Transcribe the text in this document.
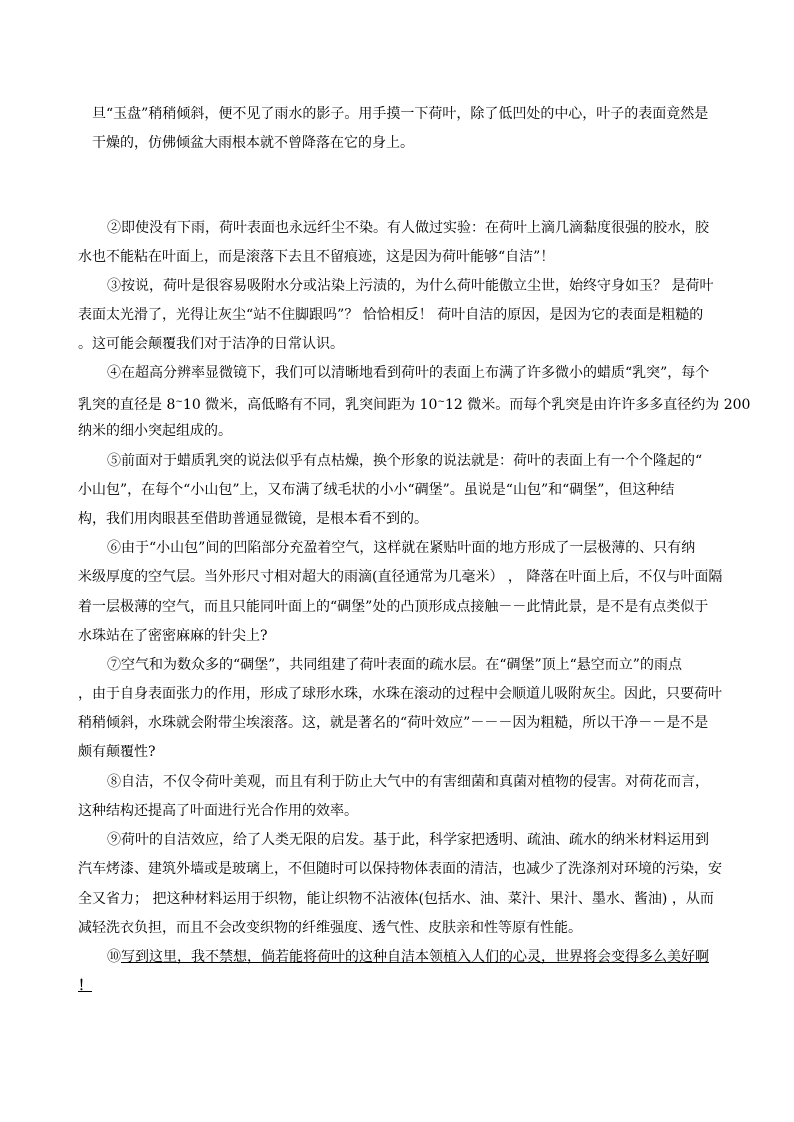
旦“玉盘”稍稍倾斜，便不见了雨水的影子。用手摸一下荷叶，除了低凹处的中心，叶子的表面竟然是
干燥的，仿佛倾盆大雨根本就不曾降落在它的身上。
②即使没有下雨，荷叶表面也永远纤尘不染。有人做过实验：在荷叶上滴几滴黏度很强的胶水，胶
水也不能粘在叶面上，而是滚落下去且不留痕迹，这是因为荷叶能够“自洁”！
③按说，荷叶是很容易吸附水分或沾染上污渍的，为什么荷叶能傲立尘世，始终守身如玉？ 是荷叶
表面太光滑了，光得让灰尘“站不住脚跟吗”？ 恰恰相反！ 荷叶自洁的原因，是因为它的表面是粗糙的
。这可能会颠覆我们对于洁净的日常认识。
④在超高分辨率显微镜下，我们可以清晰地看到荷叶的表面上布满了许多微小的蜡质“乳突”，每个
乳突的直径是 8~10 微米，高低略有不同，乳突间距为 10~12 微米。而每个乳突是由许许多多直径约为 200
纳米的细小突起组成的。
⑤前面对于蜡质乳突的说法似乎有点枯燥，换个形象的说法就是：荷叶的表面上有一个个隆起的“
小山包”，在每个“小山包”上，又布满了绒毛状的小小“碉堡”。虽说是“山包”和“碉堡”，但这种结
构，我们用肉眼甚至借助普通显微镜，是根本看不到的。
⑥由于“小山包”间的凹陷部分充盈着空气，这样就在紧贴叶面的地方形成了一层极薄的、只有纳
米级厚度的空气层。当外形尺寸相对超大的雨滴(直径通常为几毫米） ， 降落在叶面上后，不仅与叶面隔
着一层极薄的空气，而且只能同叶面上的“碉堡”处的凸顶形成点接触－－此情此景，是不是有点类似于
水珠站在了密密麻麻的针尖上?
⑦空气和为数众多的“碉堡”，共同组建了荷叶表面的疏水层。在“碉堡”顶上“悬空而立”的雨点
，由于自身表面张力的作用，形成了球形水珠，水珠在滚动的过程中会顺道儿吸附灰尘。因此，只要荷叶
稍稍倾斜，水珠就会附带尘埃滚落。这，就是著名的“荷叶效应”－－－因为粗糙，所以干净－－是不是
颇有颠覆性?
⑧自洁，不仅令荷叶美观，而且有利于防止大气中的有害细菌和真菌对植物的侵害。对荷花而言，
这种结构还提高了叶面进行光合作用的效率。
⑨荷叶的自洁效应，给了人类无限的启发。基于此，科学家把透明、疏油、疏水的纳米材料运用到
汽车烤漆、建筑外墙或是玻璃上，不但随时可以保持物体表面的清洁，也减少了洗涤剂对环境的污染，安
全又省力； 把这种材料运用于织物，能让织物不沾液体(包括水、油、菜汁、果汁、墨水、酱油) ，从而
减轻洗衣负担，而且不会改变织物的纤维强度、透气性、皮肤亲和性等原有性能。
⑩写到这里，我不禁想，倘若能将荷叶的这种自洁本领植入人们的心灵，世界将会变得多么美好啊
！
